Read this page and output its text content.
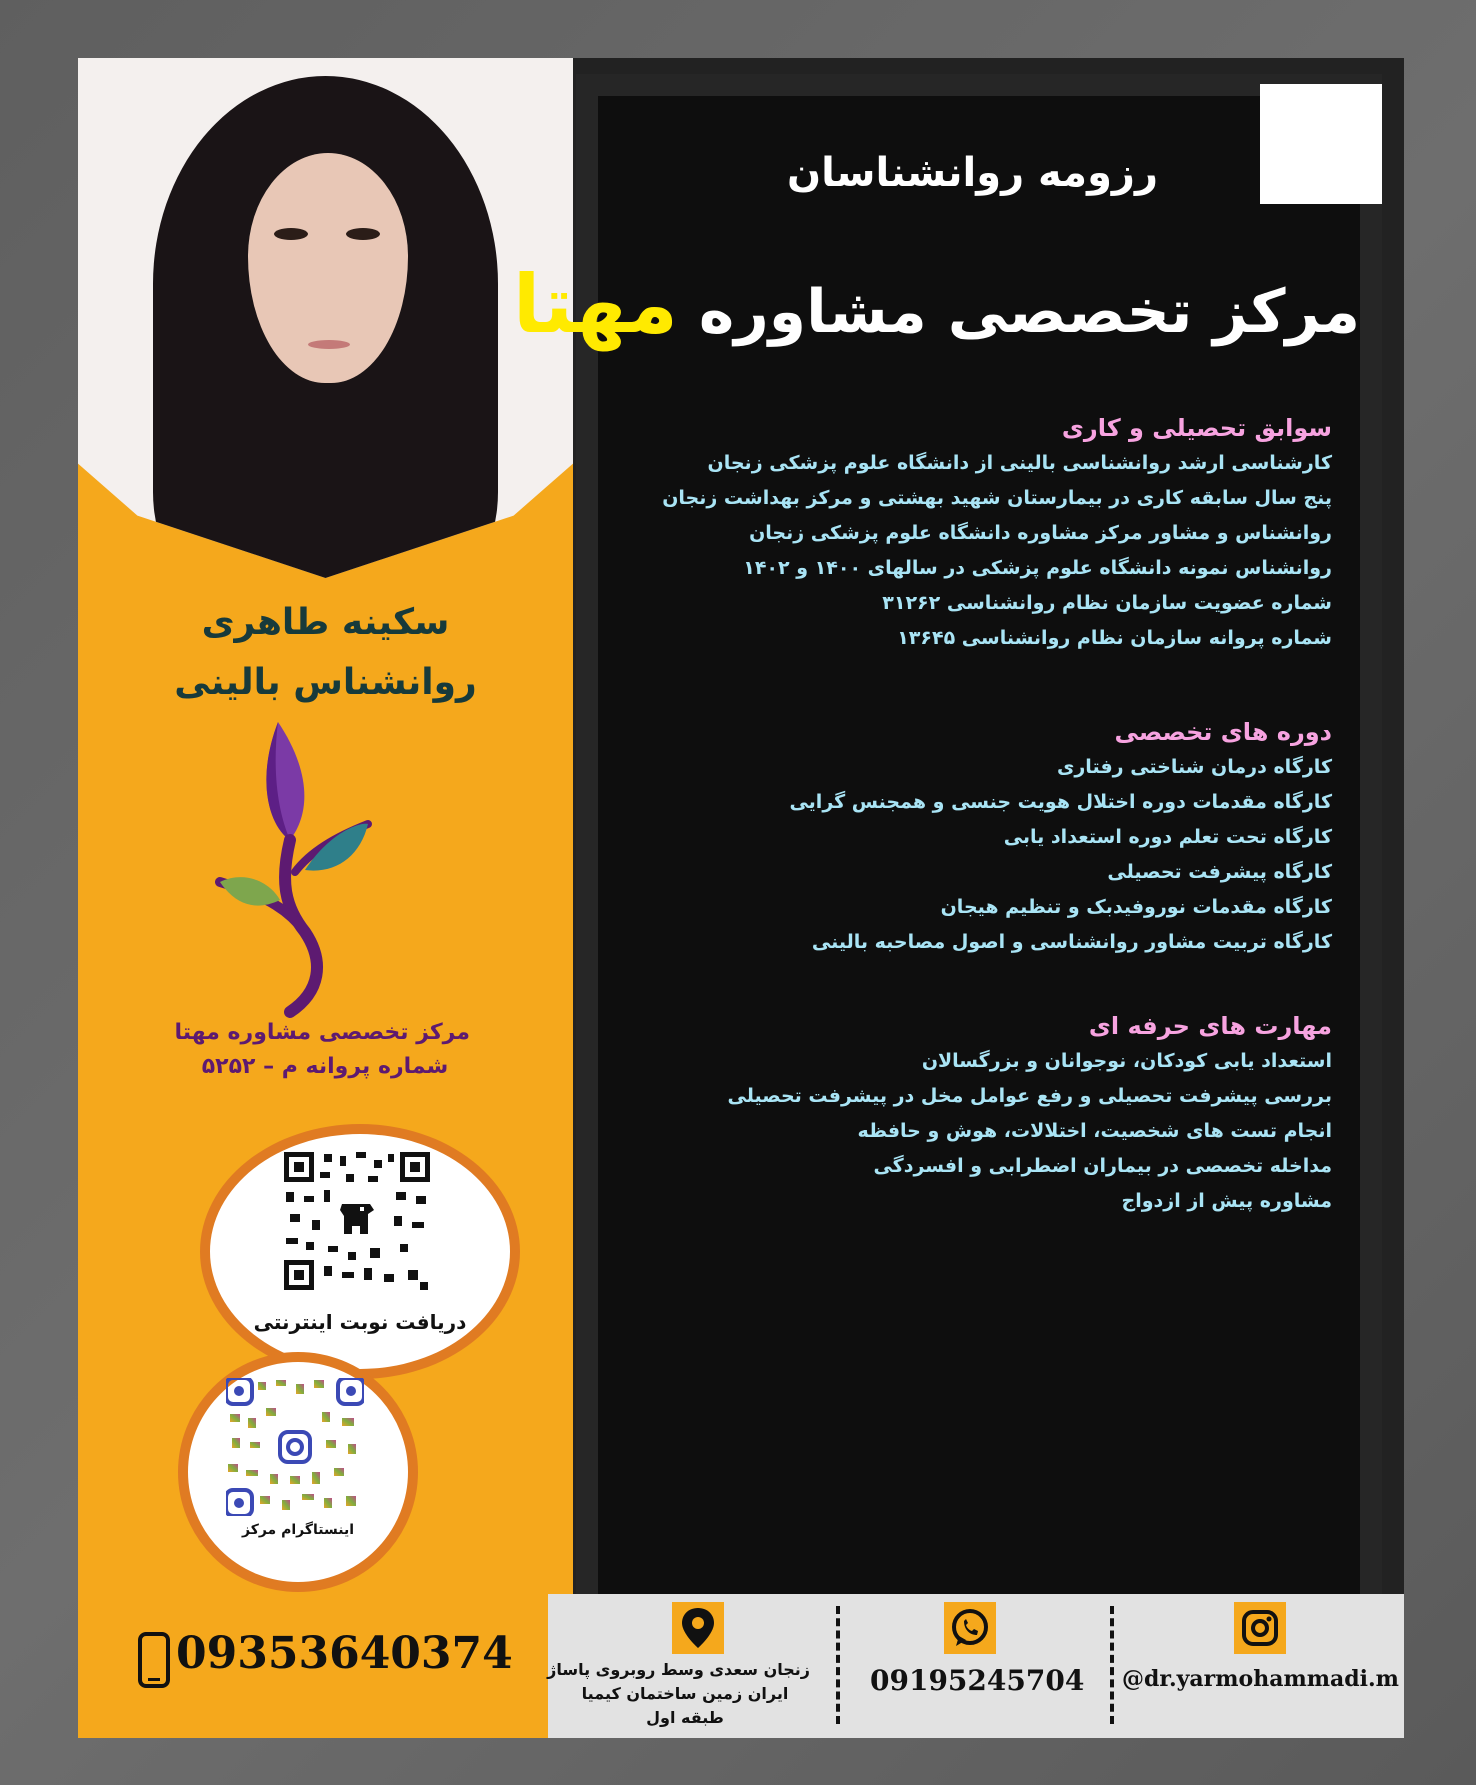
رزومه روانشناسان
مرکز تخصصی مشاوره مهتا
سوابق تحصیلی و کاری
کارشناسی ارشد روانشناسی بالینی از دانشگاه علوم پزشکی زنجان
پنج سال سابقه کاری در بیمارستان شهید بهشتی و مرکز بهداشت زنجان
روانشناس و مشاور مرکز مشاوره دانشگاه علوم پزشکی زنجان
روانشناس نمونه دانشگاه علوم پزشکی در سالهای ۱۴۰۰ و ۱۴۰۲
شماره عضویت سازمان نظام روانشناسی ۳۱۲۶۲
شماره پروانه سازمان نظام روانشناسی ۱۳۶۴۵
دوره های تخصصی
کارگاه درمان شناختی رفتاری
کارگاه مقدمات دوره اختلال هویت جنسی و همجنس گرایی
کارگاه تحت تعلم دوره استعداد یابی
کارگاه پیشرفت تحصیلی
کارگاه مقدمات نوروفیدبک و تنظیم هیجان
کارگاه تربیت مشاور روانشناسی و اصول مصاحبه بالینی
مهارت های حرفه ای
استعداد یابی کودکان، نوجوانان و بزرگسالان
بررسی پیشرفت تحصیلی و رفع عوامل مخل در پیشرفت تحصیلی
انجام تست های شخصیت، اختلالات، هوش و حافظه
مداخله تخصصی در بیماران اضطرابی و افسردگی
مشاوره پیش از ازدواج
سکینه طاهری
روانشناس بالینی
مرکز تخصصی مشاوره مهتا
شماره پروانه م – ۵۲۵۲
دریافت نوبت اینترنتی
اینستاگرام مرکز
09353640374 زنجان سعدی وسط روبروی پاساژ
ایران زمین ساختمان کیمیا
طبقه اول
09195245704 @dr.yarmohammadi.m
